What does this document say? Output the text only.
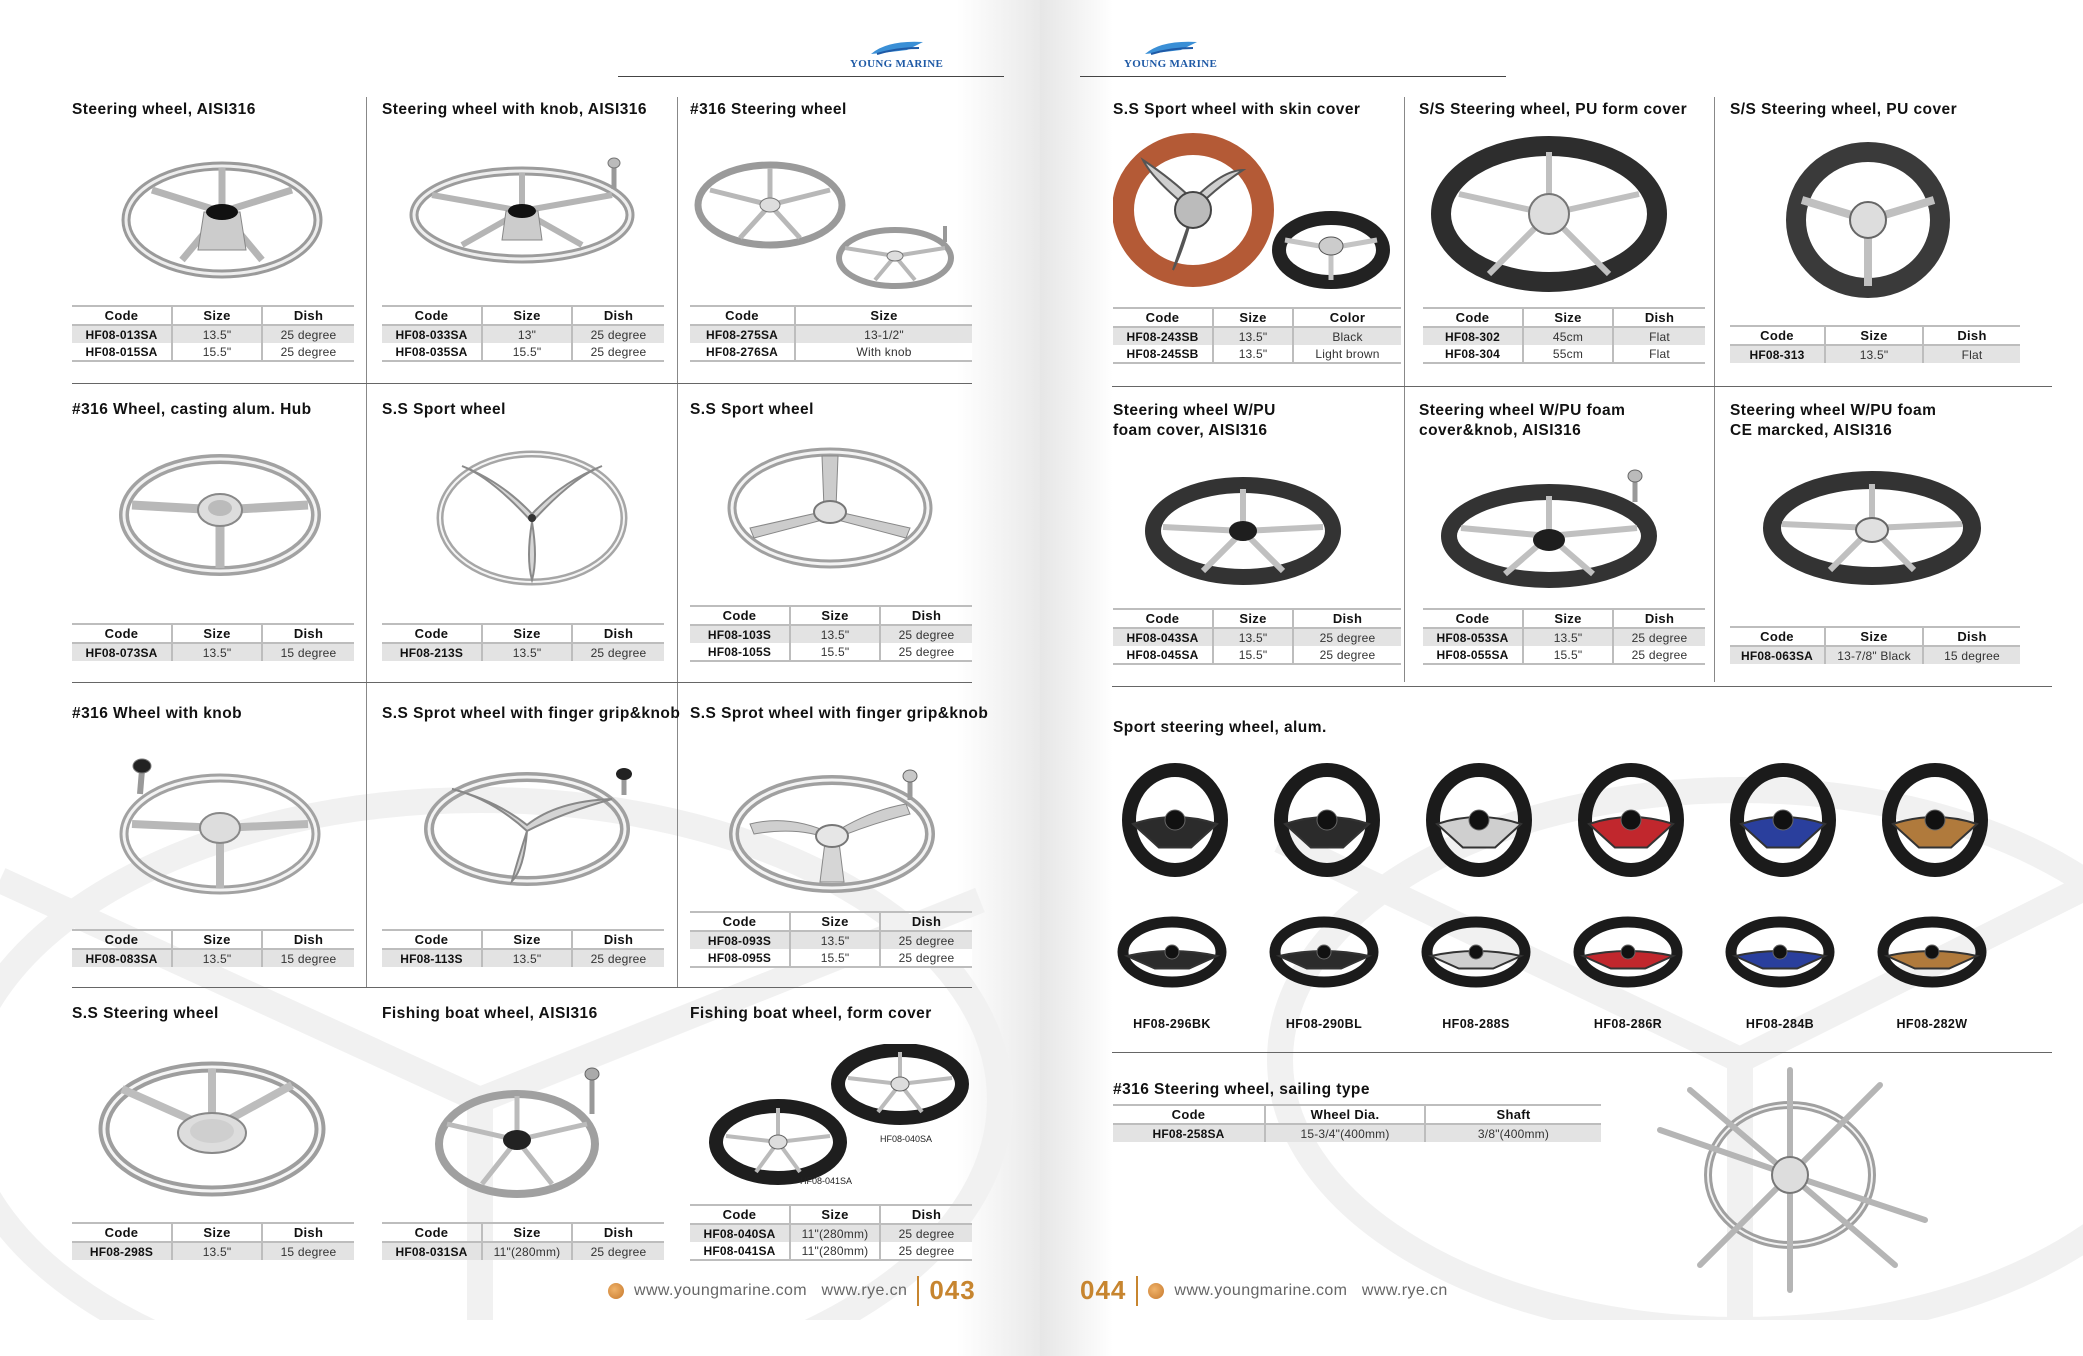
YOUNG MARINE
Steering wheel, AISI316
Code	Size	Dish
HF08-013SA	13.5"	25 degree
HF08-015SA	15.5"	25 degree
Steering wheel with knob, AISI316
Code	Size	Dish
HF08-033SA	13"	25 degree
HF08-035SA	15.5"	25 degree
#316 Steering wheel
Code	Size
HF08-275SA	13-1/2"
HF08-276SA	With knob
#316 Wheel, casting alum. Hub
Code	Size	Dish
HF08-073SA	13.5"	15 degree
S.S Sport wheel
Code	Size	Dish
HF08-213S	13.5"	25 degree
S.S Sport wheel
Code	Size	Dish
HF08-103S	13.5"	25 degree
HF08-105S	15.5"	25 degree
#316 Wheel with knob
Code	Size	Dish
HF08-083SA	13.5"	15 degree
S.S Sprot wheel with finger grip&knob
Code	Size	Dish
HF08-113S	13.5"	25 degree
S.S Sprot wheel with finger grip&knob
Code	Size	Dish
HF08-093S	13.5"	25 degree
HF08-095S	15.5"	25 degree
S.S Steering wheel
Code	Size	Dish
HF08-298S	13.5"	15 degree
Fishing boat wheel, AISI316
Code	Size	Dish
HF08-031SA	11"(280mm)	25 degree
Fishing boat wheel, form cover
HF08-040SA
HF08-041SA
Code	Size	Dish
HF08-040SA	11"(280mm)	25 degree
HF08-041SA	11"(280mm)	25 degree
www.youngmarine.com   www.rye.cn 043
YOUNG MARINE
S.S Sport wheel with skin cover
Code	Size	Color
HF08-243SB	13.5"	Black
HF08-245SB	13.5"	Light brown
S/S Steering wheel, PU form cover
Code	Size	Dish
HF08-302	45cm	Flat
HF08-304	55cm	Flat
S/S Steering wheel, PU cover
Code	Size	Dish
HF08-313	13.5"	Flat
Steering wheel W/PU
foam cover, AISI316
Code	Size	Dish
HF08-043SA	13.5"	25 degree
HF08-045SA	15.5"	25 degree
Steering wheel W/PU foam
cover&knob, AISI316
Code	Size	Dish
HF08-053SA	13.5"	25 degree
HF08-055SA	15.5"	25 degree
Steering wheel W/PU foam
CE marcked, AISI316
Code	Size	Dish
HF08-063SA	13-7/8" Black	15 degree
Sport steering wheel, alum.
HF08-296BK	HF08-290BL	HF08-288S	HF08-286R	HF08-284B	HF08-282W
#316 Steering wheel, sailing type
Code	Wheel Dia.	Shaft
HF08-258SA	15-3/4"(400mm)	3/8"(400mm)
044	www.youngmarine.com   www.rye.cn
